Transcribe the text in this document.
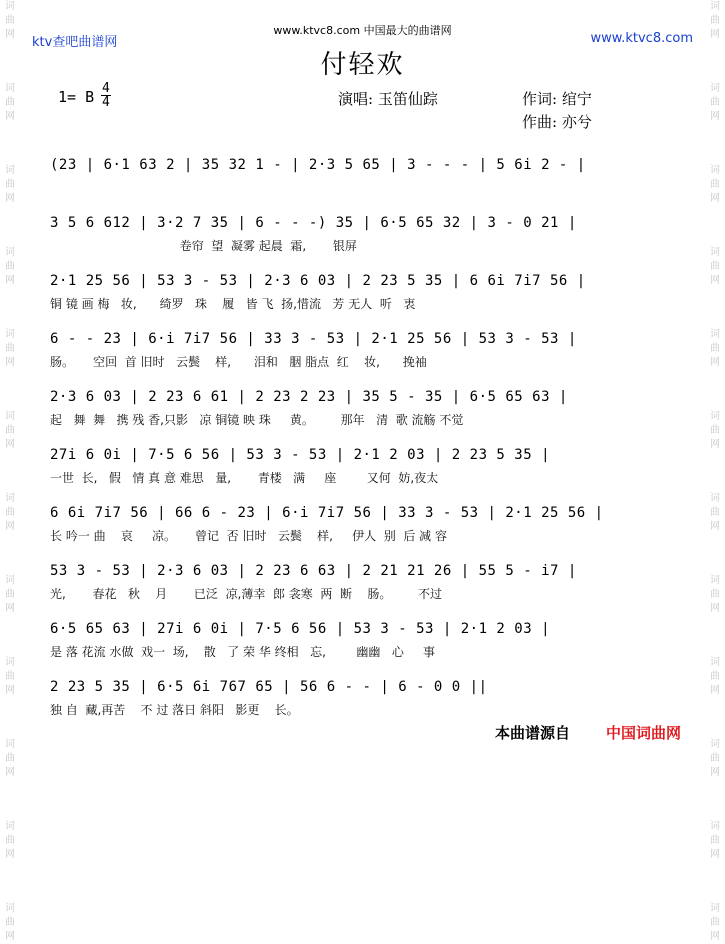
词曲网
词曲网
词曲网
词曲网
词曲网
词曲网
词曲网
词曲网
词曲网
词曲网
词曲网
词曲网
词曲网
词曲网
词曲网
词曲网
词曲网
词曲网
词曲网
词曲网
词曲网
词曲网
词曲网
词曲网
ktv查吧曲谱网
www.ktvc8.com 中国最大的曲谱网
www.ktvc8.com
付轻欢
1= B 4
4	演唱: 玉笛仙踪	作词: 绾宁
作曲: 亦兮
(23 | 6·1 63 2 | 35 32 1 - | 2·3 5 65 | 3 - - - | 5 6i 2 - |
3 5 6 612 | 3·2 7 35 | 6 - - -) 35 | 6·5 65 32 | 3 - 0 21 |
卷帘  望  凝雾 起晨  霜,       银屏
2·1 25 56 | 53 3 - 53 | 2·3 6 03 | 2 23 5 35 | 6 6i 7i7 56 |
铜 镜 画 梅   妆,      绮罗   珠    履   皆 飞  扬,惜流   芳 无人  听   衷
6 - - 23 | 6·i 7i7 56 | 33 3 - 53 | 2·1 25 56 | 53 3 - 53 |
肠。     空回  首 旧时   云鬓    样,      泪和   胭 脂点  红    妆,      挽袖
2·3 6 03 | 2 23 6 61 | 2 23 2 23 | 35 5 - 35 | 6·5 65 63 |
起   舞  舞   携 残 香,只影   凉 铜镜 映 珠     黄。       那年   清  歌 流觞 不觉
27i 6 0i | 7·5 6 56 | 53 3 - 53 | 2·1 2 03 | 2 23 5 35 |
一世  长,   假   情 真 意 难思   量,       青楼   满     座        又何  妨,夜太
6 6i 7i7 56 | 66 6 - 23 | 6·i 7i7 56 | 33 3 - 53 | 2·1 25 56 |
长 吟一 曲    哀     凉。     曾记  否 旧时   云鬓    样,     伊人  别  后 减 容
53 3 - 53 | 2·3 6 03 | 2 23 6 63 | 2 21 21 26 | 55 5 - i7 |
光,       春花   秋    月       已泛  凉,薄幸  郎 衾寒  两  断    肠。       不过
6·5 65 63 | 27i 6 0i | 7·5 6 56 | 53 3 - 53 | 2·1 2 03 |
是 落 花流 水做  戏一  场,    散   了 荣 华 终相   忘,        幽幽   心     事
2 23 5 35 | 6·5 6i 767 65 | 56 6 - - | 6 - 0 0 ||
独 自  藏,再苦    不 过 落日 斜阳   影更    长。
本曲谱源自 中国词曲网
